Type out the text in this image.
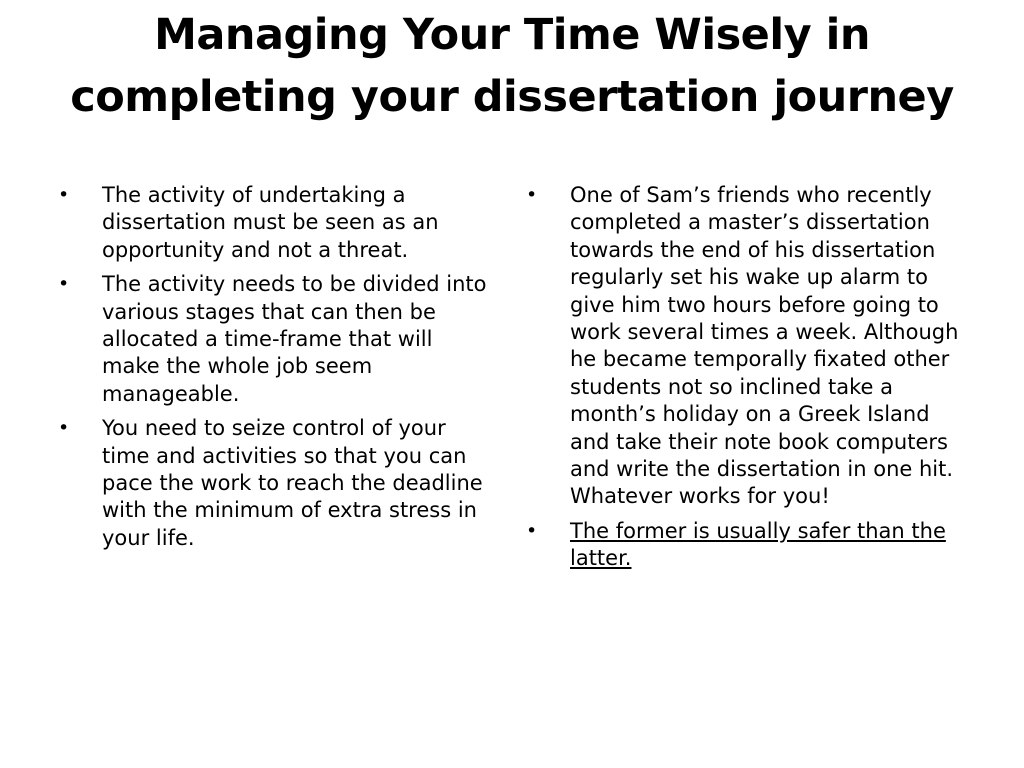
Managing Your Time Wisely in
completing your dissertation journey
• The activity of undertaking a dissertation must be seen as an opportunity and not a threat.
• The activity needs to be divided into various stages that can then be allocated a time-frame that will make the whole job seem manageable.
• You need to seize control of your time and activities so that you can pace the work to reach the deadline with the minimum of extra stress in your life.
• One of Sam’s friends who recently completed a master’s dissertation towards the end of his dissertation regularly set his wake up alarm to give him two hours before going to work several times a week. Although he became temporally fixated other students not so inclined take a month’s holiday on a Greek Island and take their note book computers and write the dissertation in one hit. Whatever works for you!
• The former is usually safer than the latter.
